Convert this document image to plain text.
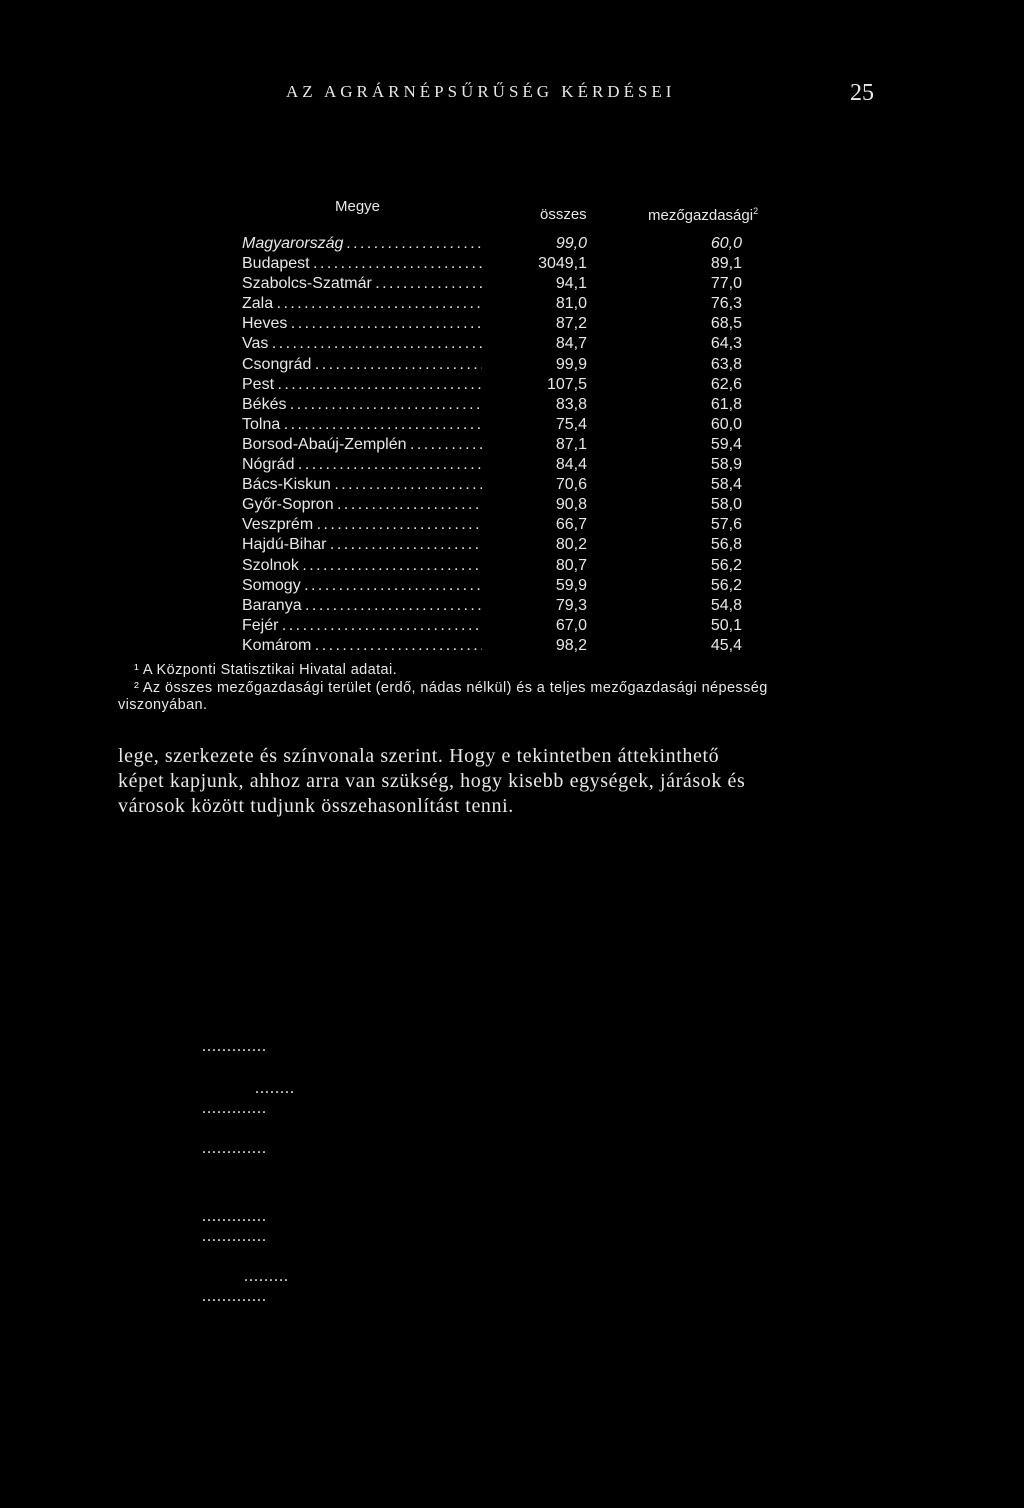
AZ AGRÁRNÉPSŰRŰSÉG KÉRDÉSEI	25
Megye	összes	mezőgazdasági$^2$
Magyarország . . .	99,0	60,0
Budapest . . .	3049,1	89,1
Szabolcs-Szatmár . . .	94,1	77,0
Zala . . .	81,0	76,3
Heves . . .	87,2	68,5
Vas . . .	84,7	64,3
Csongrád . . .	99,9	63,8
Pest . . .	107,5	62,6
Békés . . .	83,8	61,8
Tolna . . .	75,4	60,0
Borsod-Abaúj-Zemplén . . .	87,1	59,4
Nógrád . . .	84,4	58,9
Bács-Kiskun . . .	70,6	58,4
Győr-Sopron . . .	90,8	58,0
Veszprém . . .	66,7	57,6
Hajdú-Bihar . . .	80,2	56,8
Szolnok . . .	80,7	56,2
Somogy . . .	59,9	56,2
Baranya . . .	79,3	54,8
Fejér . . .	67,0	50,1
Komárom . . .	98,2	45,4
¹ A Központi Statisztikai Hivatal adatai.
² Az összes mezőgazdasági terület (erdő, nádas nélkül) és a teljes mezőgazdasági népesség
viszonyában.
lege, szerkezete és színvonala szerint. Hogy e tekintetben áttekinthető
képet kapjunk, ahhoz arra van szükség, hogy kisebb egységek, járások és
városok között tudjunk összehasonlítást tenni.
.............
........
.............
.............
.............
.............
.........
.............
